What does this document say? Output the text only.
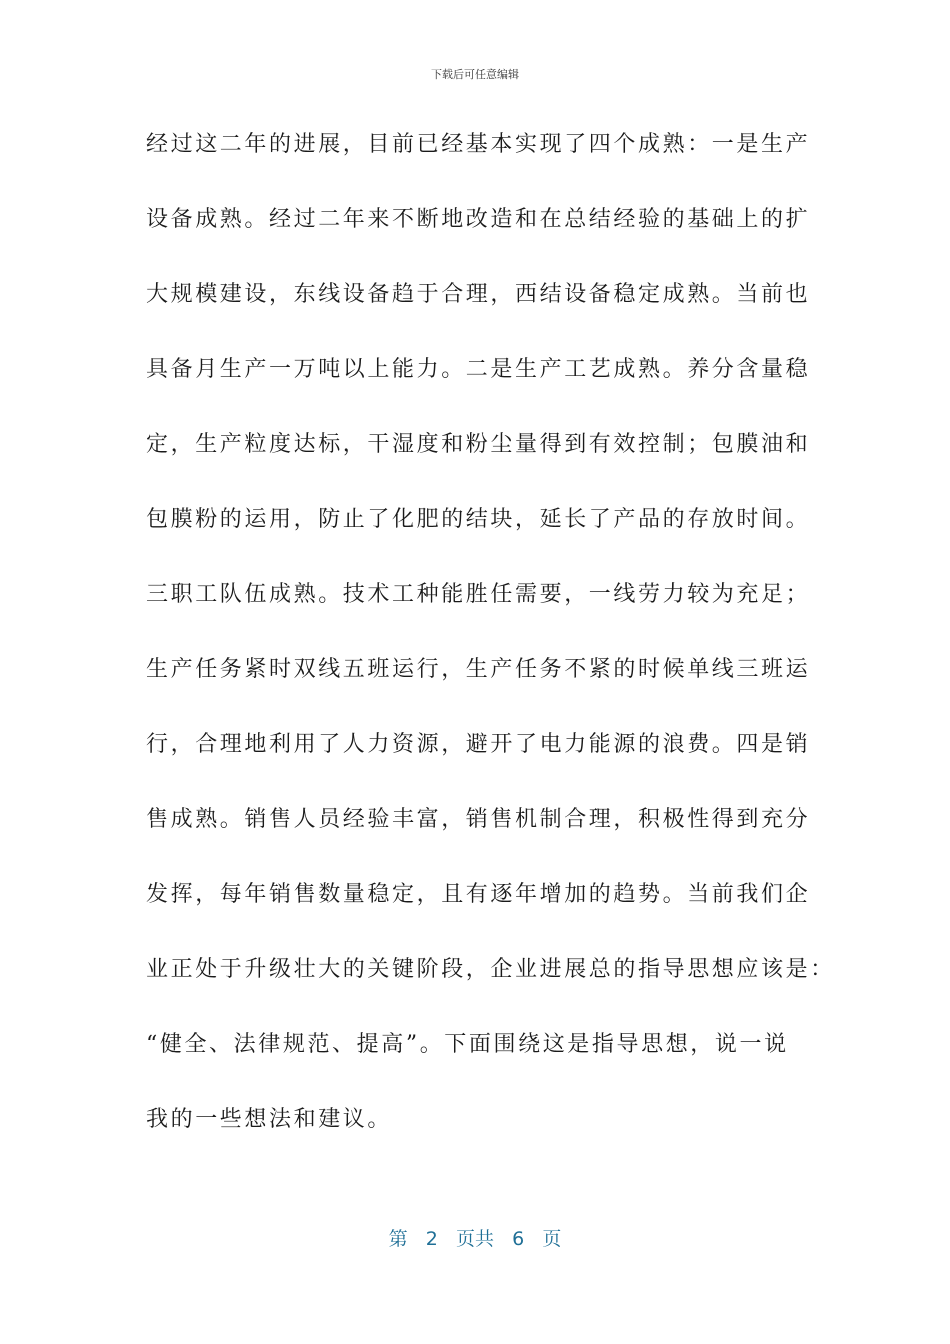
下载后可任意编辑
经过这二年的进展，目前已经基本实现了四个成熟：一是生产
设备成熟。经过二年来不断地改造和在总结经验的基础上的扩
大规模建设，东线设备趋于合理，西结设备稳定成熟。当前也
具备月生产一万吨以上能力。二是生产工艺成熟。养分含量稳
定，生产粒度达标，干湿度和粉尘量得到有效控制；包膜油和
包膜粉的运用，防止了化肥的结块，延长了产品的存放时间。
三职工队伍成熟。技术工种能胜任需要，一线劳力较为充足；
生产任务紧时双线五班运行，生产任务不紧的时候单线三班运
行，合理地利用了人力资源，避开了电力能源的浪费。四是销
售成熟。销售人员经验丰富，销售机制合理，积极性得到充分
发挥，每年销售数量稳定，且有逐年增加的趋势。当前我们企
业正处于升级壮大的关键阶段，企业进展总的指导思想应该是：
“健全、法律规范、提高”。下面围绕这是指导思想，说一说
我的一些想法和建议。
第 2 页共 6 页
